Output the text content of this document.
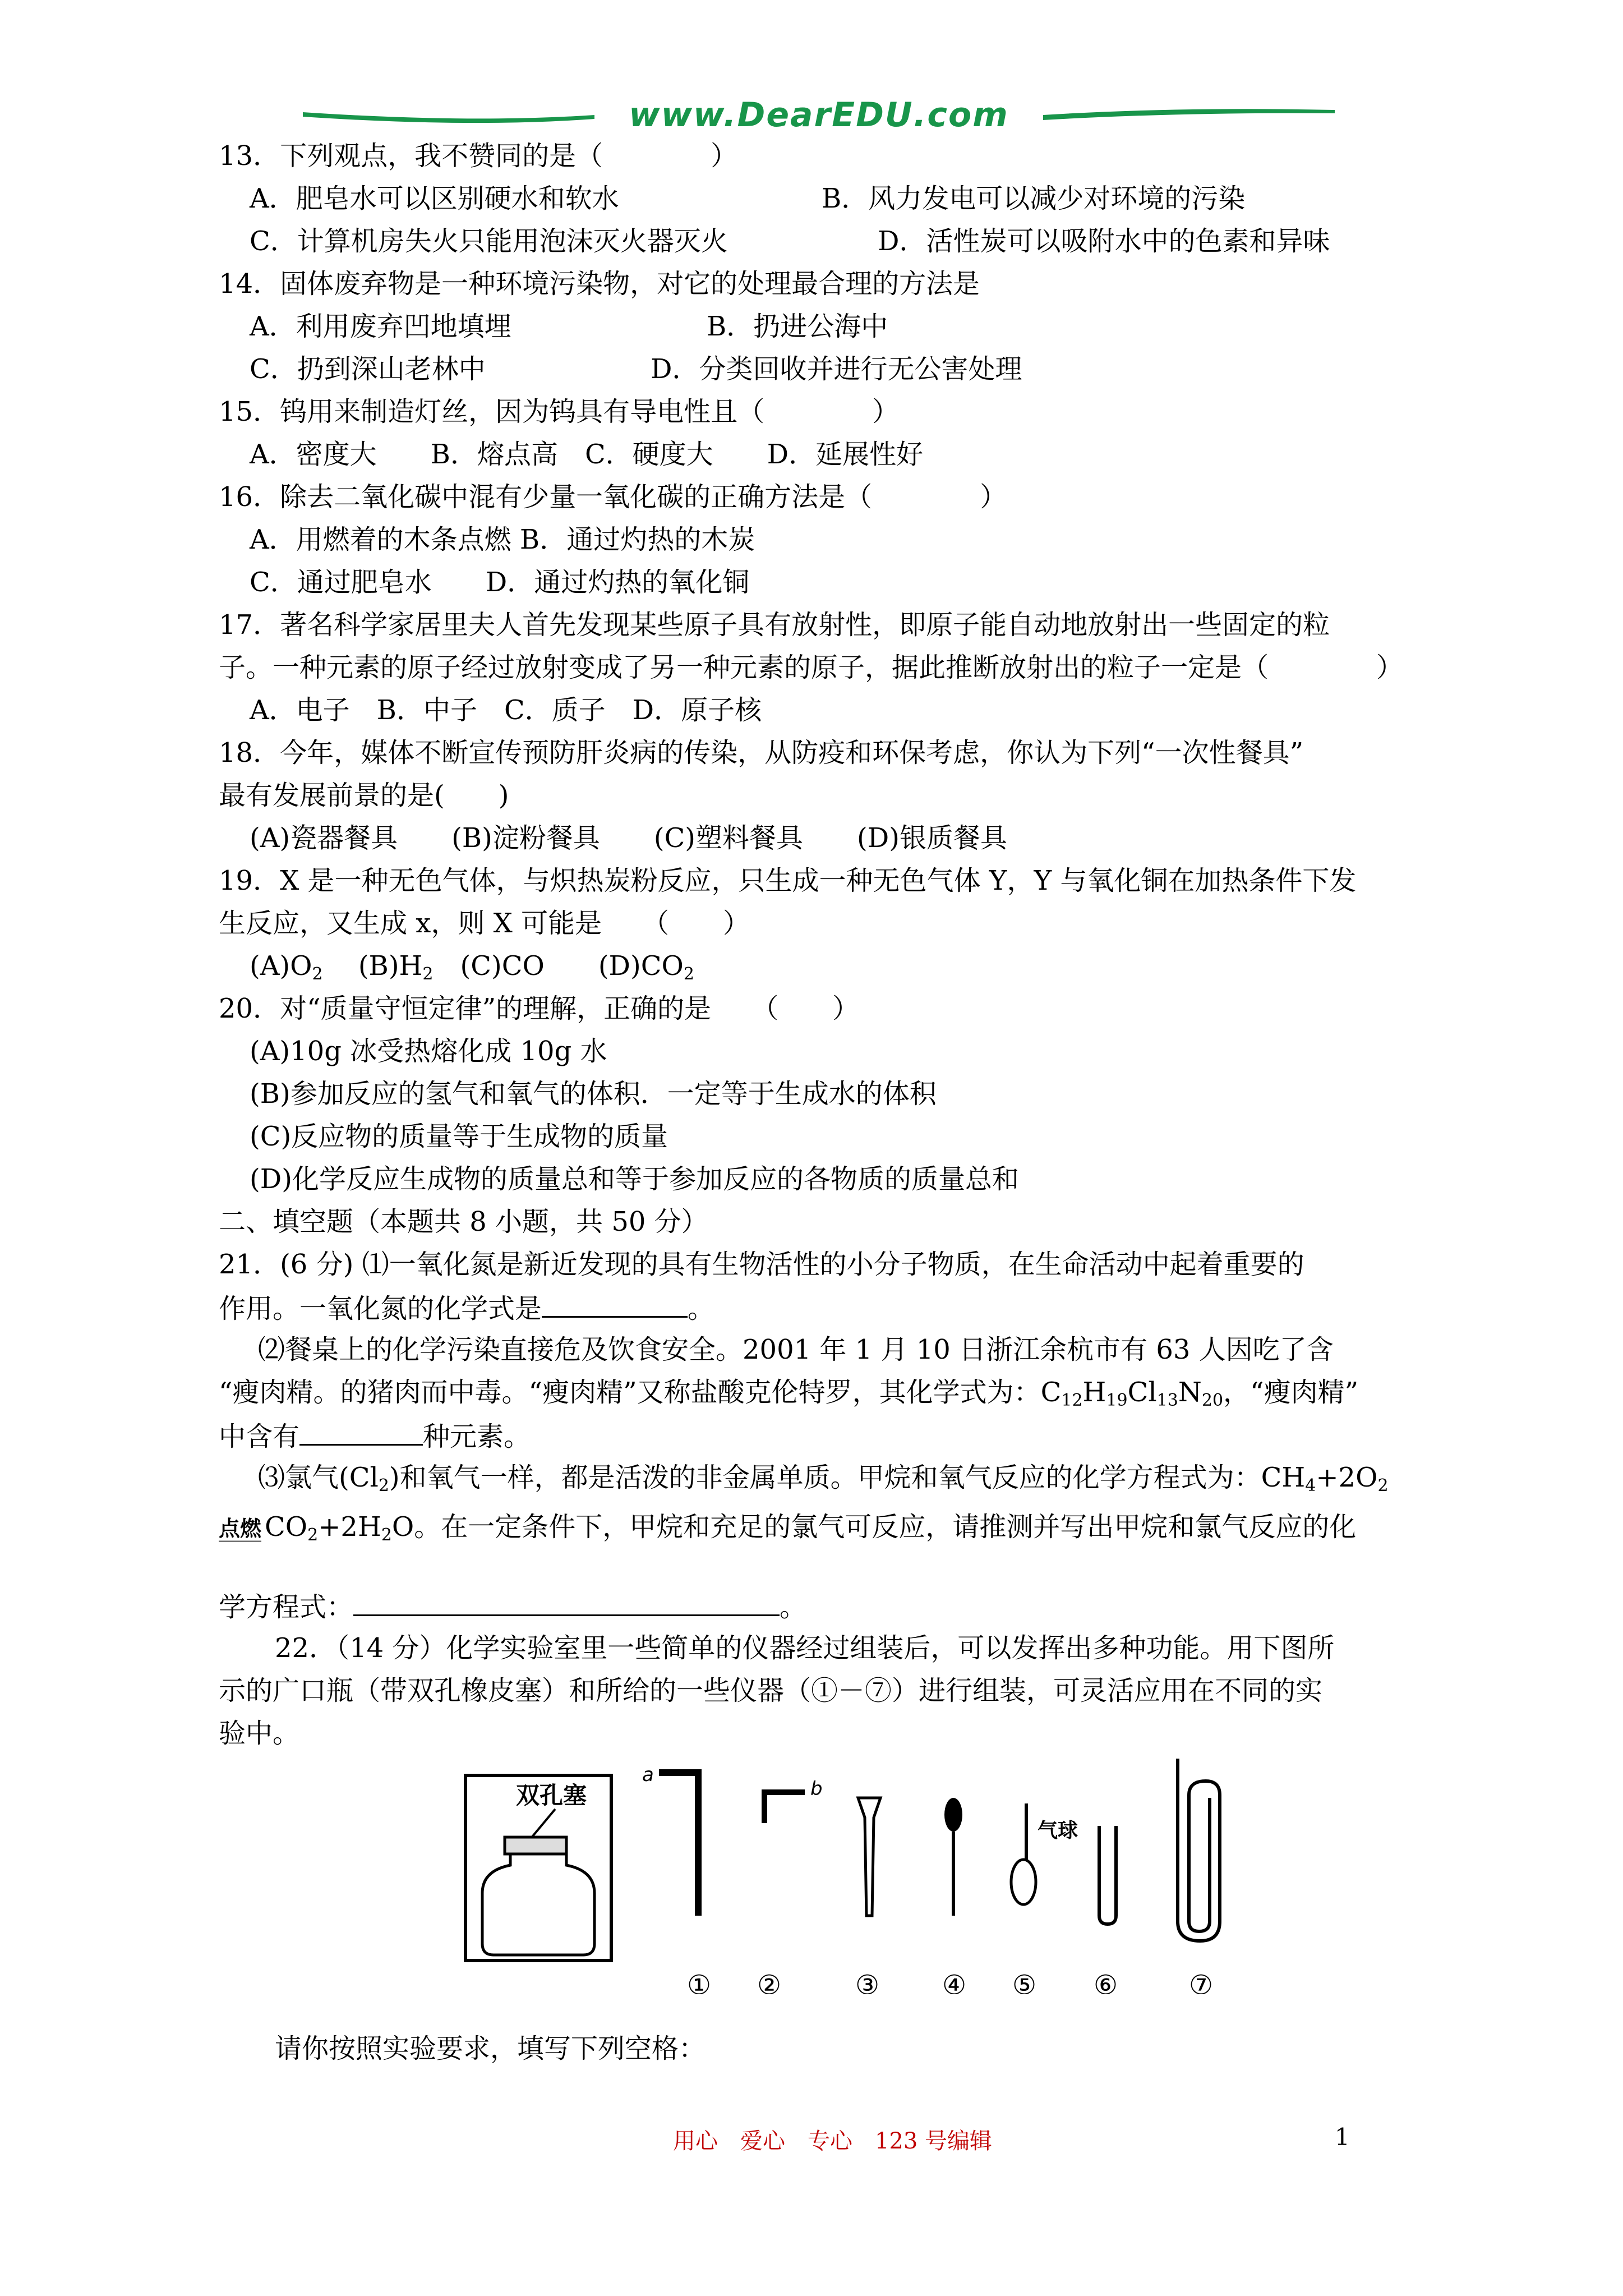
www.DearEDU.com
13．下列观点，我不赞同的是（　　　　）
A．肥皂水可以区别硬水和软水	B．风力发电可以减少对环境的污染
C．计算机房失火只能用泡沫灭火器灭火	D．活性炭可以吸附水中的色素和异味
14．固体废弃物是一种环境污染物，对它的处理最合理的方法是
A．利用废弃凹地填埋	B．扔进公海中
C．扔到深山老林中	D．分类回收并进行无公害处理
15．钨用来制造灯丝，因为钨具有导电性且（　　　　）
A．密度大　　B．熔点高　C．硬度大　　D．延展性好
16．除去二氧化碳中混有少量一氧化碳的正确方法是（　　　　）
A．用燃着的木条点燃 B．通过灼热的木炭
C．通过肥皂水　　D．通过灼热的氧化铜
17．著名科学家居里夫人首先发现某些原子具有放射性，即原子能自动地放射出一些固定的粒
子。一种元素的原子经过放射变成了另一种元素的原子，据此推断放射出的粒子一定是（　　　　）
A．电子　B．中子　C．质子　D．原子核
18．今年，媒体不断宣传预防肝炎病的传染，从防疫和环保考虑，你认为下列“一次性餐具”
最有发展前景的是(　　)
(A)瓷器餐具　　(B)淀粉餐具　　(C)塑料餐具　　(D)银质餐具
19．X 是一种无色气体，与炽热炭粉反应，只生成一种无色气体 Y，Y 与氧化铜在加热条件下发
生反应，又生成 x，则 X 可能是　　（　　）
$(A)O_2$　 $(B)H_2$　 (C)CO　　 $(D)CO_2$
20．对“质量守恒定律”的理解，正确的是　　（　　）
(A)10g 冰受热熔化成 10g 水
(B)参加反应的氢气和氧气的体积．一定等于生成水的体积
(C)反应物的质量等于生成物的质量
(D)化学反应生成物的质量总和等于参加反应的各物质的质量总和
二、填空题（本题共 8 小题，共 50 分）
21．(6 分) ⑴一氧化氮是新近发现的具有生物活性的小分子物质，在生命活动中起着重要的
作用。一氧化氮的化学式是	。
⑵餐桌上的化学污染直接危及饮食安全。2001 年 1 月 10 日浙江余杭市有 63 人因吃了含
“瘦肉精。的猪肉而中毒。“瘦肉精”又称盐酸克伦特罗，其化学式为：$C_{12}H_{19}Cl_{13}N_{20}$，“瘦肉精”
中含有	种元素。
⑶氯气$(Cl_2)$和氧气一样，都是活泼的非金属单质。甲烷和氧气反应的化学方程式为：$CH_4+2O_2$
点燃 $CO_2+2H_2O$。在一定条件下，甲烷和充足的氯气可反应，请推测并写出甲烷和氯气反应的化
学方程式：	。
22．（14 分）化学实验室里一些简单的仪器经过组装后，可以发挥出多种功能。用下图所
示的广口瓶（带双孔橡皮塞）和所给的一些仪器（①－⑦）进行组装，可灵活应用在不同的实
验中。
双孔塞
a
b
气球
① ②	③ ④ ⑤ ⑥	⑦
请你按照实验要求，填写下列空格：
用心　爱心　专心　123 号编辑	1
